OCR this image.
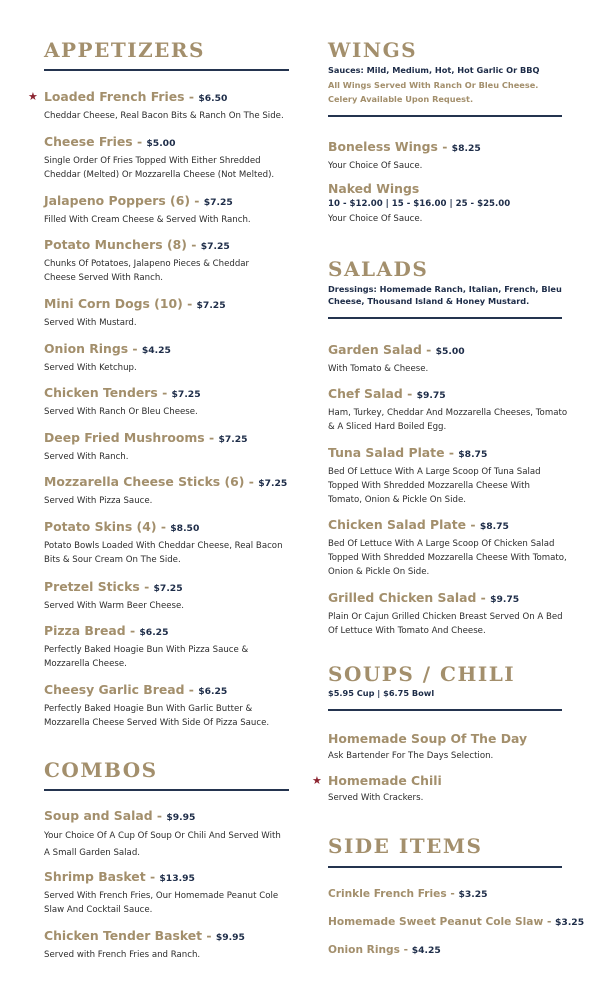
APPETIZERS
★ Loaded French Fries - $6.50
Cheddar Cheese, Real Bacon Bits & Ranch On The Side.
Cheese Fries - $5.00
Single Order Of Fries Topped With Either Shredded Cheddar (Melted) Or Mozzarella Cheese (Not Melted).
Jalapeno Poppers (6) - $7.25
Filled With Cream Cheese & Served With Ranch.
Potato Munchers (8) - $7.25
Chunks Of Potatoes, Jalapeno Pieces & Cheddar Cheese Served With Ranch.
Mini Corn Dogs (10) - $7.25
Served With Mustard.
Onion Rings - $4.25
Served With Ketchup.
Chicken Tenders - $7.25
Served With Ranch Or Bleu Cheese.
Deep Fried Mushrooms - $7.25
Served With Ranch.
Mozzarella Cheese Sticks (6) - $7.25
Served With Pizza Sauce.
Potato Skins (4) - $8.50
Potato Bowls Loaded With Cheddar Cheese, Real Bacon Bits & Sour Cream On The Side.
Pretzel Sticks - $7.25
Served With Warm Beer Cheese.
Pizza Bread - $6.25
Perfectly Baked Hoagie Bun With Pizza Sauce & Mozzarella Cheese.
Cheesy Garlic Bread - $6.25
Perfectly Baked Hoagie Bun With Garlic Butter & Mozzarella Cheese Served With Side Of Pizza Sauce.
COMBOS
Soup and Salad - $9.95
Your Choice Of A Cup Of Soup Or Chili And Served With A Small Garden Salad.
Shrimp Basket - $13.95
Served With French Fries, Our Homemade Peanut Cole Slaw And Cocktail Sauce.
Chicken Tender Basket - $9.95
Served with French Fries and Ranch.
WINGS
Sauces: Mild, Medium, Hot, Hot Garlic Or BBQ
All Wings Served With Ranch Or Bleu Cheese.
Celery Available Upon Request.
Boneless Wings - $8.25
Your Choice Of Sauce.
Naked Wings
10 - $12.00 | 15 - $16.00 | 25 - $25.00
Your Choice Of Sauce.
SALADS
Dressings: Homemade Ranch, Italian, French, Bleu Cheese, Thousand Island & Honey Mustard.
Garden Salad - $5.00
With Tomato & Cheese.
Chef Salad - $9.75
Ham, Turkey, Cheddar And Mozzarella Cheeses, Tomato & A Sliced Hard Boiled Egg.
Tuna Salad Plate - $8.75
Bed Of Lettuce With A Large Scoop Of Tuna Salad Topped With Shredded Mozzarella Cheese With Tomato, Onion & Pickle On Side.
Chicken Salad Plate - $8.75
Bed Of Lettuce With A Large Scoop Of Chicken Salad Topped With Shredded Mozzarella Cheese With Tomato, Onion & Pickle On Side.
Grilled Chicken Salad - $9.75
Plain Or Cajun Grilled Chicken Breast Served On A Bed Of Lettuce With Tomato And Cheese.
SOUPS / CHILI
$5.95 Cup | $6.75 Bowl
Homemade Soup Of The Day
Ask Bartender For The Days Selection.
★ Homemade Chili
Served With Crackers.
SIDE ITEMS
Crinkle French Fries - $3.25
Homemade Sweet Peanut Cole Slaw - $3.25
Onion Rings - $4.25
